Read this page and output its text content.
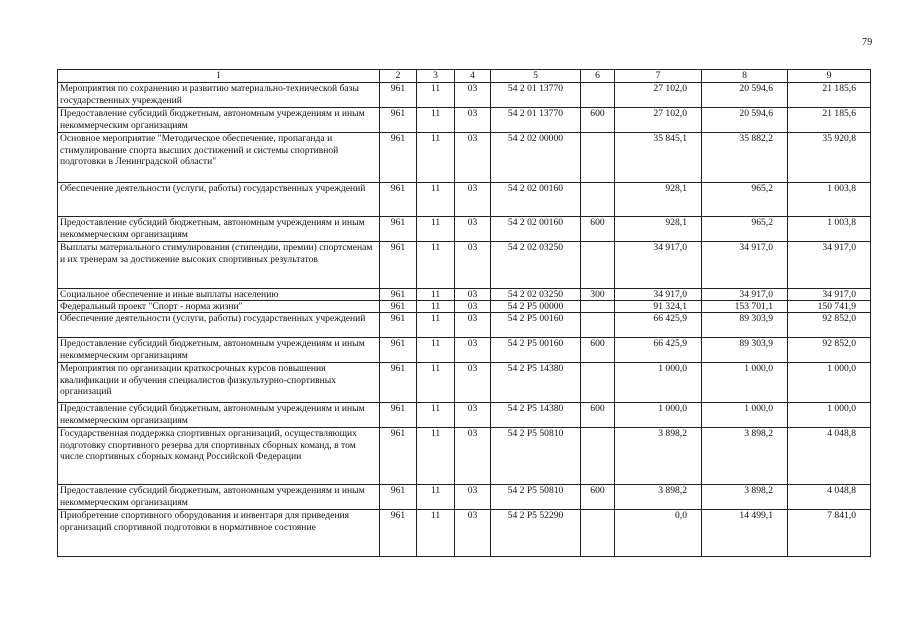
79
1	2	3	4	5	6	7	8	9
Мероприятия по сохранению и развитию материально-технической базы государственных учреждений	961	11	03	54 2 01 13770		27 102,0	20 594,6	21 185,6
Предоставление субсидий бюджетным, автономным учреждениям и иным некоммерческим организациям	961	11	03	54 2 01 13770	600	27 102,0	20 594,6	21 185,6
Основное мероприятие "Методическое обеспечение, пропаганда и стимулирование спорта высших достижений и системы спортивной подготовки в Ленинградской области"	961	11	03	54 2 02 00000		35 845,1	35 882,2	35 920,8
Обеспечение деятельности (услуги, работы) государственных учреждений	961	11	03	54 2 02 00160		928,1	965,2	1 003,8
Предоставление субсидий бюджетным, автономным учреждениям и иным некоммерческим организациям	961	11	03	54 2 02 00160	600	928,1	965,2	1 003,8
Выплаты материального стимулирования (стипендии, премии) спортсменам и их тренерам за достижение высоких спортивных результатов	961	11	03	54 2 02 03250		34 917,0	34 917,0	34 917,0
Социальное обеспечение и иные выплаты населению	961	11	03	54 2 02 03250	300	34 917,0	34 917,0	34 917,0
Федеральный проект "Спорт - норма жизни"	961	11	03	54 2 P5 00000		91 324,1	153 701,1	150 741,9
Обеспечение деятельности (услуги, работы) государственных учреждений	961	11	03	54 2 P5 00160		66 425,9	89 303,9	92 852,0
Предоставление субсидий бюджетным, автономным учреждениям и иным некоммерческим организациям	961	11	03	54 2 P5 00160	600	66 425,9	89 303,9	92 852,0
Мероприятия по организации краткосрочных курсов повышения квалификации и обучения специалистов физкультурно-спортивных организаций	961	11	03	54 2 P5 14380		1 000,0	1 000,0	1 000,0
Предоставление субсидий бюджетным, автономным учреждениям и иным некоммерческим организациям	961	11	03	54 2 P5 14380	600	1 000,0	1 000,0	1 000,0
Государственная поддержка спортивных организаций, осуществляющих подготовку спортивного резерва для спортивных сборных команд, в том числе спортивных сборных команд Российской Федерации	961	11	03	54 2 P5 50810		3 898,2	3 898,2	4 048,8
Предоставление субсидий бюджетным, автономным учреждениям и иным некоммерческим организациям	961	11	03	54 2 P5 50810	600	3 898,2	3 898,2	4 048,8
Приобретение спортивного оборудования и инвентаря для приведения организаций спортивной подготовки в нормативное состояние	961	11	03	54 2 P5 52290		0,0	14 499,1	7 841,0
